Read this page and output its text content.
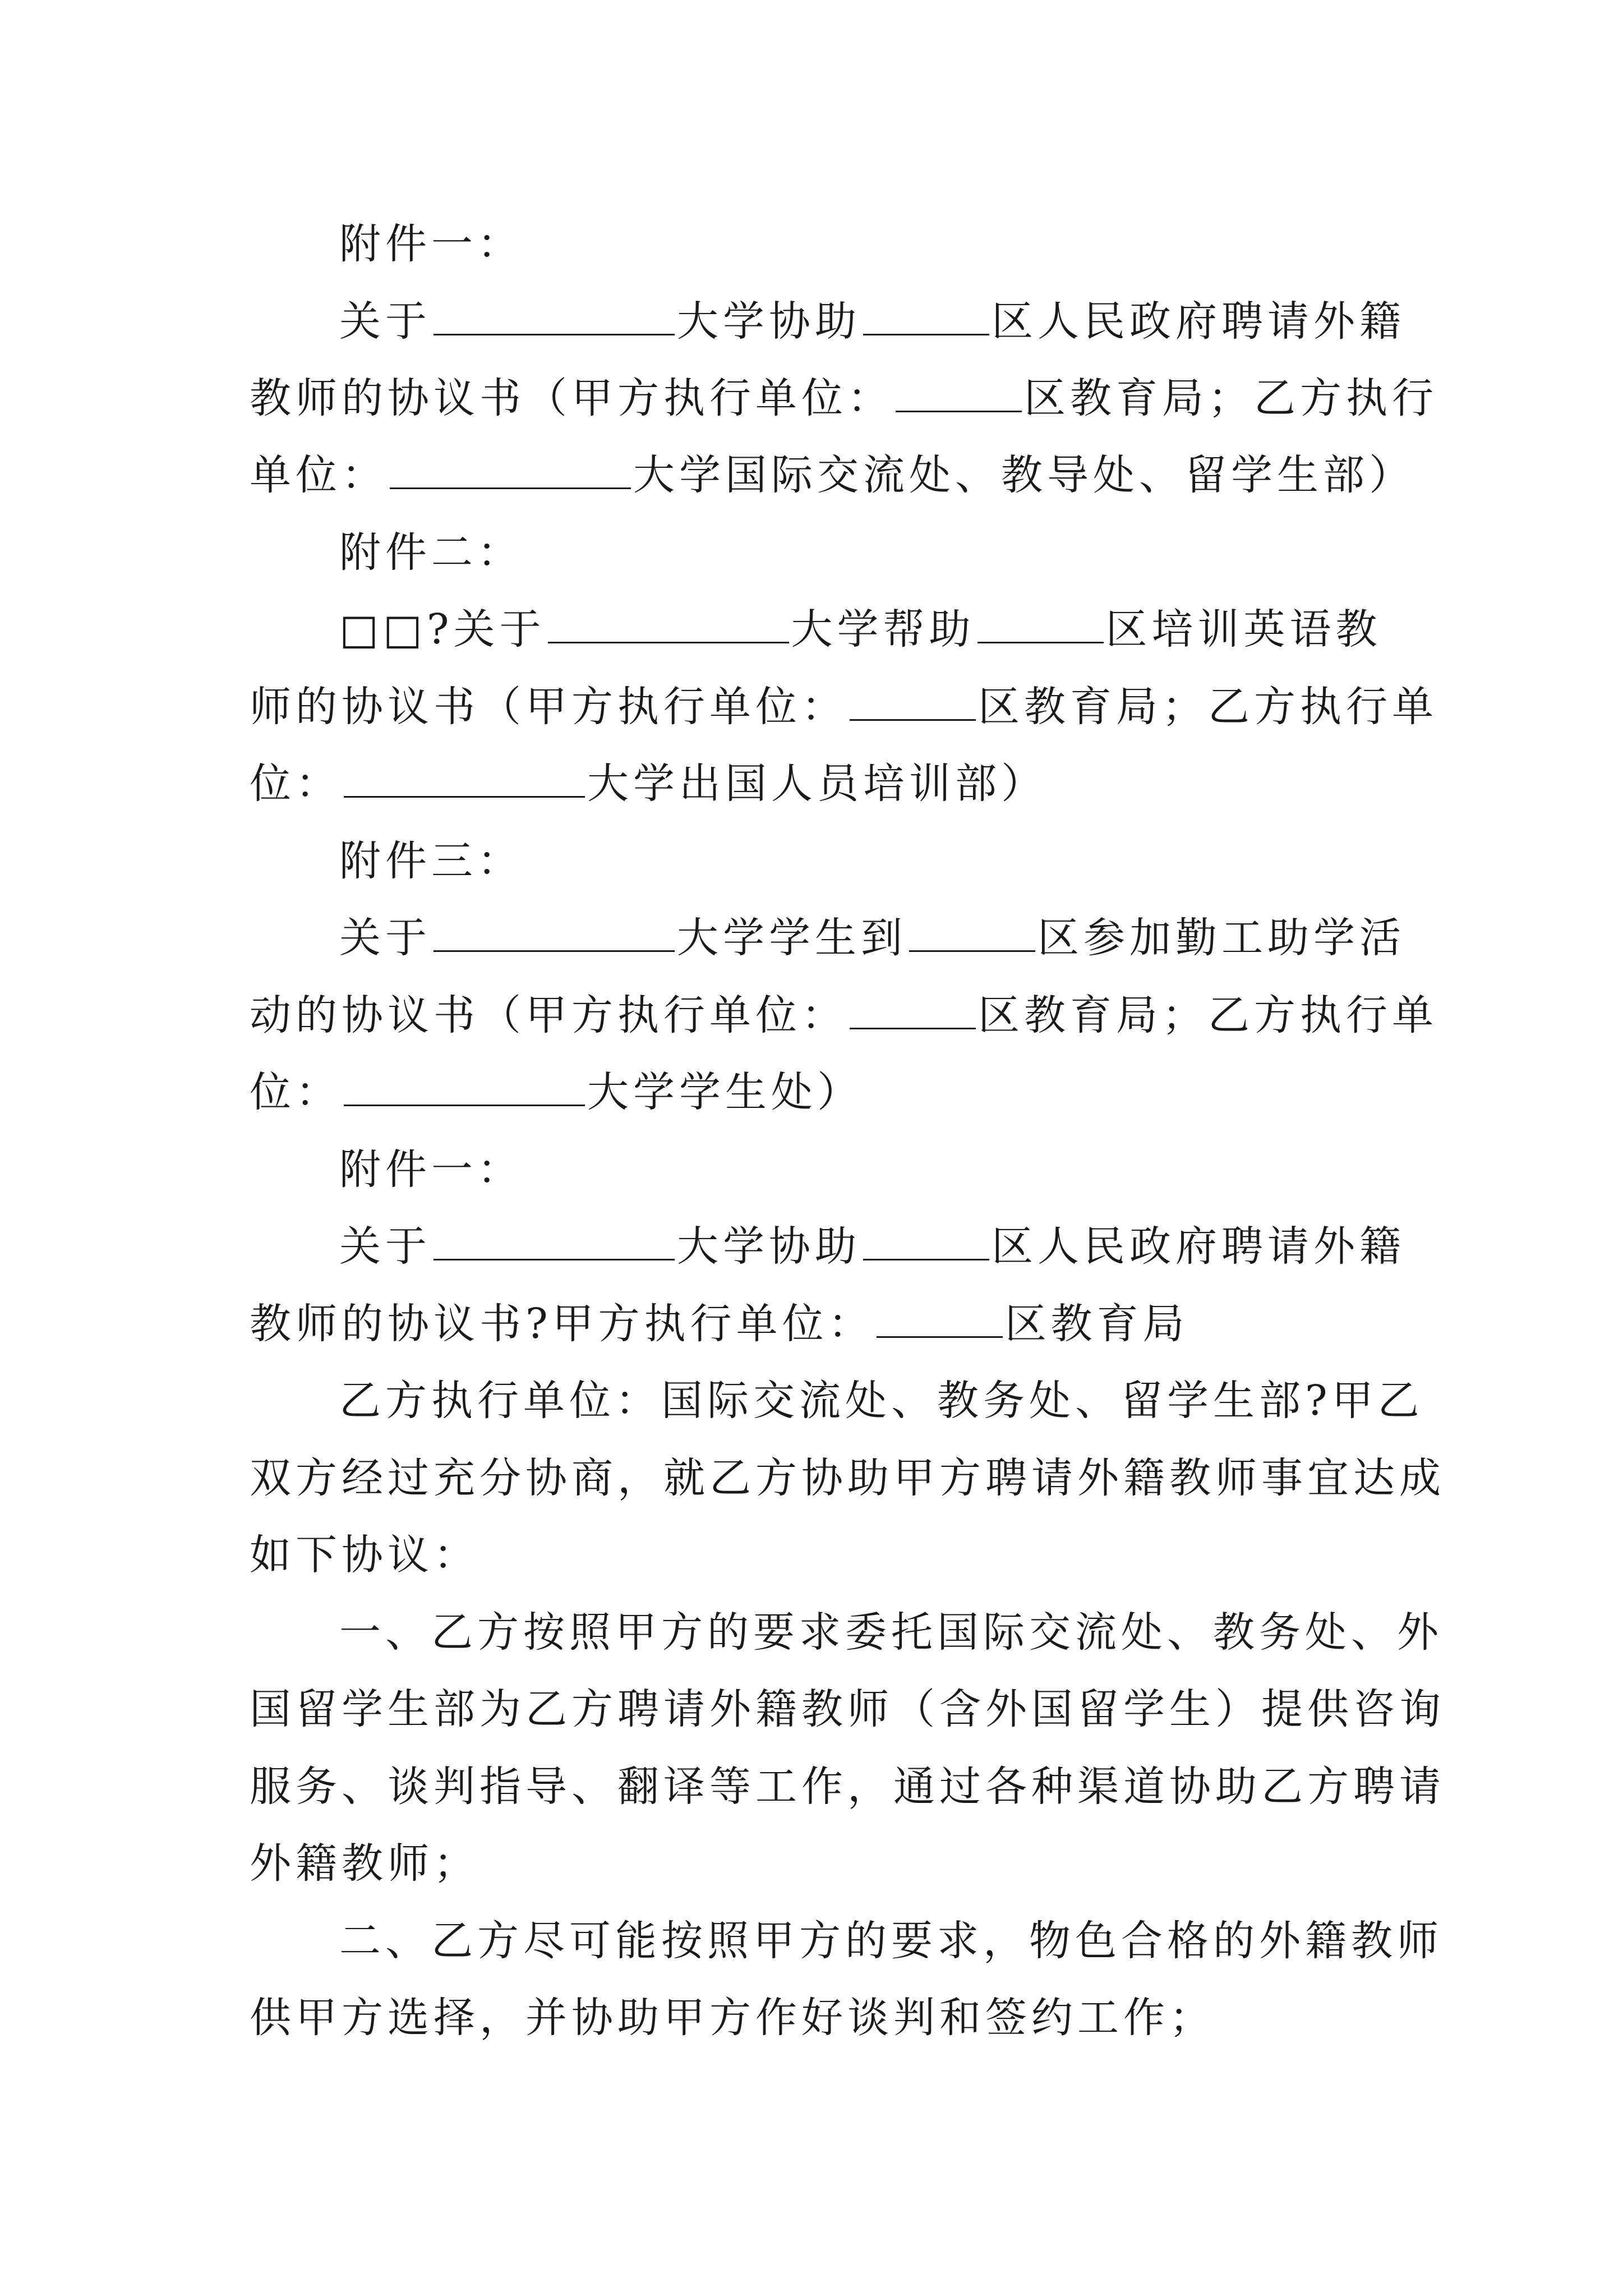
附件一：
关于	大学协助	区人民政府聘请外籍
教师的协议书（甲方执行单位：	区教育局；乙方执行
单位：	大学国际交流处、教导处、留学生部）
附件二：
□□?关于	大学帮助	区培训英语教
师的协议书（甲方执行单位：	区教育局；乙方执行单
位：	大学出国人员培训部）
附件三：
关于	大学学生到	区参加勤工助学活
动的协议书（甲方执行单位：	区教育局；乙方执行单
位：	大学学生处）
附件一：
关于	大学协助	区人民政府聘请外籍
教师的协议书?甲方执行单位：	区教育局
乙方执行单位：国际交流处、教务处、留学生部?甲乙
双方经过充分协商，就乙方协助甲方聘请外籍教师事宜达成
如下协议：
一、乙方按照甲方的要求委托国际交流处、教务处、外
国留学生部为乙方聘请外籍教师（含外国留学生）提供咨询
服务、谈判指导、翻译等工作，通过各种渠道协助乙方聘请
外籍教师；
二、乙方尽可能按照甲方的要求，物色合格的外籍教师
供甲方选择，并协助甲方作好谈判和签约工作；
